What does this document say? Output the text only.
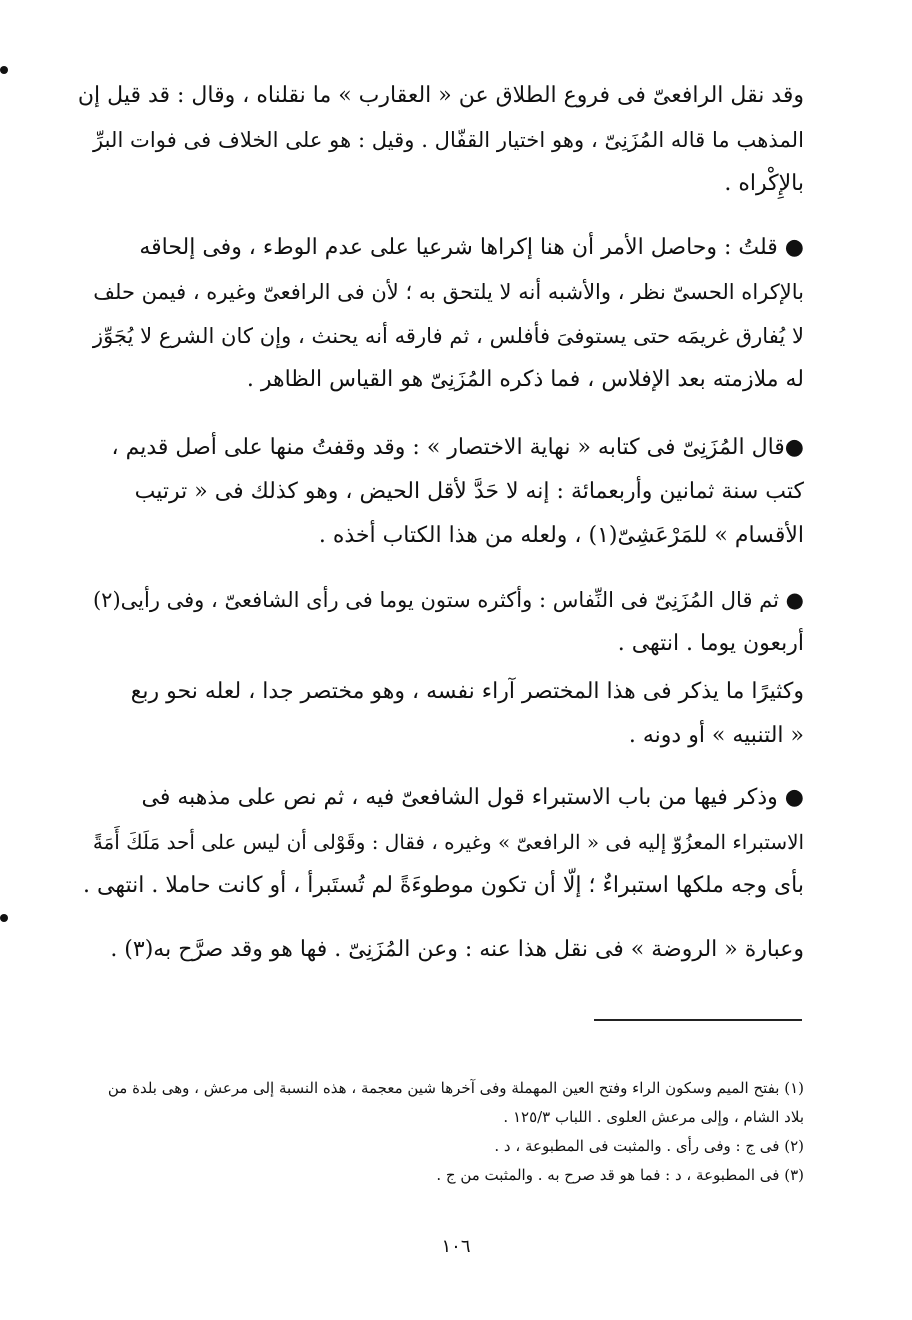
وقد نقل الرافعىّ فى فروع الطلاق عن « العقارب » ما نقلناه ، وقال : قد قيل إن
المذهب ما قاله المُزَنِىّ ، وهو اختيار القفّال . وقيل : هو على الخلاف فى فوات البرِّ
بالإِكْراه .
● قلتُ : وحاصل الأمر أن هنا إكراها شرعيا على عدم الوطء ، وفى إلحاقه
بالإكراه الحسىّ نظر ، والأشبه أنه لا يلتحق به ؛ لأن فى الرافعىّ وغيره ، فيمن حلف
لا يُفارق غريمَه حتى يستوفىَ فأفلس ، ثم فارقه أنه يحنث ، وإن كان الشرع لا يُجَوِّز
له ملازمته بعد الإفلاس ، فما ذكره المُزَنِىّ هو القياس الظاهر .
●قال المُزَنِىّ فى كتابه « نهاية الاختصار » : وقد وقفتُ منها على أصل قديم ،
كتب سنة ثمانين وأربعمائة : إنه لا حَدَّ لأقل الحيض ، وهو كذلك فى « ترتيب
الأقسام » للمَرْعَشِىّ(١) ، ولعله من هذا الكتاب أخذه .
● ثم قال المُزَنِىّ فى النِّفاس : وأكثره ستون يوما فى رأى الشافعىّ ، وفى رأيى(٢)
أربعون يوما . انتهى .
وكثيرًا ما يذكر فى هذا المختصر آراء نفسه ، وهو مختصر جدا ، لعله نحو ربع
« التنبيه » أو دونه .
● وذكر فيها من باب الاستبراء قول الشافعىّ فيه ، ثم نص على مذهبه فى
الاستبراء المعزُوّ إليه فى « الرافعىّ » وغيره ، فقال : وقَوْلى أن ليس على أحد مَلَكَ أَمَةً
بأى وجه ملكها استبراءٌ ؛ إلّا أن تكون موطوءَةً لم تُستَبرأ ، أو كانت حاملا . انتهى .
وعبارة « الروضة » فى نقل هذا عنه : وعن المُزَنِىّ . فها هو وقد صرَّح به(٣) .
(١) بفتح الميم وسكون الراء وفتح العين المهملة وفى آخرها شين معجمة ، هذه النسبة إلى مرعش ، وهى بلدة من
بلاد الشام ، وإلى مرعش العلوى . اللباب ١٢٥/٣ .
(٢) فى ج : وفى رأى . والمثبت فى المطبوعة ، د .
(٣) فى المطبوعة ، د : فما هو قد صرح به . والمثبت من ج .
١٠٦
